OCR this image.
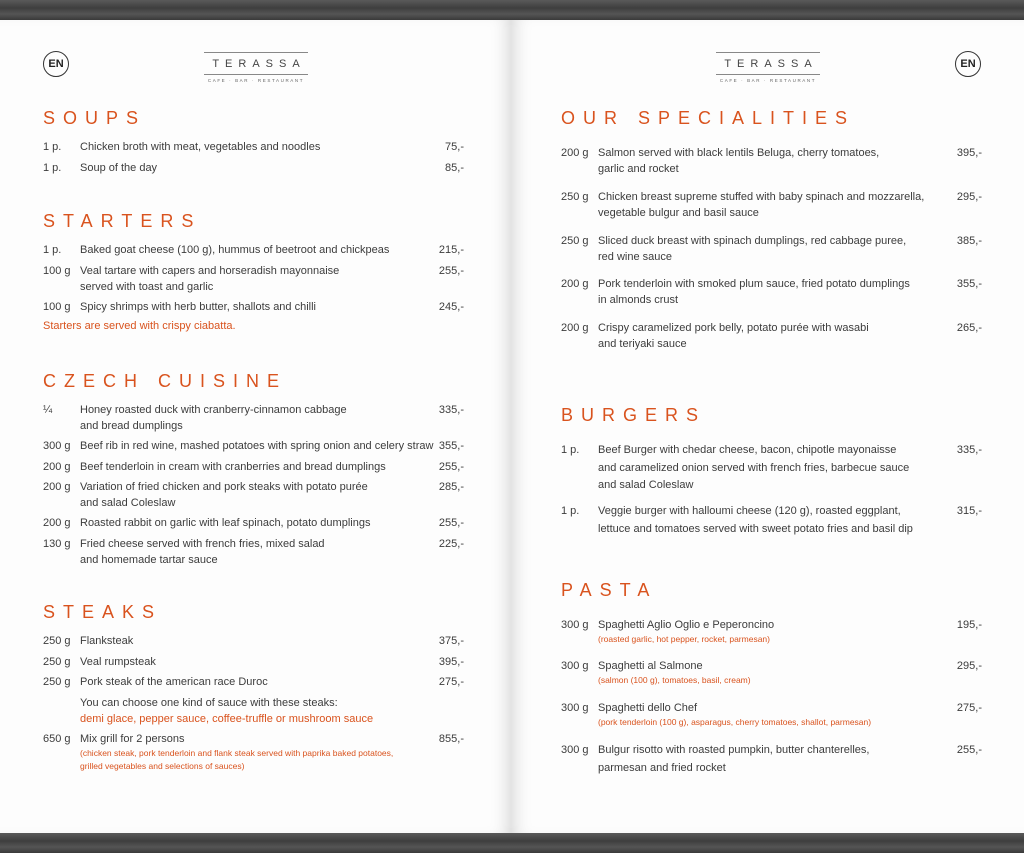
EN	TERASSA
CAFE · BAR · RESTAURANT
SOUPS
1 p. Chicken broth with meat, vegetables and noodles	75,-
1 p. Soup of the day	85,-
STARTERS
1 p. Baked goat cheese (100 g), hummus of beetroot and chickpeas	215,-
100 g Veal tartare with capers and horseradish mayonnaise
served with toast and garlic
255,-
100 g Spicy shrimps with herb butter, shallots and chilli	245,-
Starters are served with crispy ciabatta.
CZECH CUISINE
¼	Honey roasted duck with cranberry-cinnamon cabbage
and bread dumplings
335,-
300 g Beef rib in red wine, mashed potatoes with spring onion and celery straw 355,-
200 g Beef tenderloin in cream with cranberries and bread dumplings	255,-
200 g Variation of fried chicken and pork steaks with potato purée
and salad Coleslaw
285,-
200 g Roasted rabbit on garlic with leaf spinach, potato dumplings	255,-
130 g Fried cheese served with french fries, mixed salad
and homemade tartar sauce
225,-
STEAKS
250 g Flanksteak	375,-
250 g Veal rumpsteak	395,-
250 g Pork steak of the american race Duroc	275,-
You can choose one kind of sauce with these steaks:
demi glace, pepper sauce, coffee-truffle or mushroom sauce
650 g Mix grill for 2 persons
(chicken steak, pork tenderloin and flank steak served with paprika baked potatoes,
grilled vegetables and selections of sauces)
855,-
TERASSA
CAFE · BAR · RESTAURANT
EN
OUR SPECIALITIES
200 g Salmon served with black lentils Beluga, cherry tomatoes,
garlic and rocket
395,-
250 g Chicken breast supreme stuffed with baby spinach and mozzarella,
vegetable bulgur and basil sauce
295,-
250 g Sliced duck breast with spinach dumplings, red cabbage puree,
red wine sauce
385,-
200 g Pork tenderloin with smoked plum sauce, fried potato dumplings
in almonds crust
355,-
200 g Crispy caramelized pork belly, potato purée with wasabi
and teriyaki sauce
265,-
BURGERS
1 p. Beef Burger with chedar cheese, bacon, chipotle mayonaisse
and caramelized onion served with french fries, barbecue sauce
and salad Coleslaw
335,-
1 p. Veggie burger with halloumi cheese (120 g), roasted eggplant,
lettuce and tomatoes served with sweet potato fries and basil dip
315,-
PASTA
300 g Spaghetti Aglio Oglio e Peperoncino
(roasted garlic, hot pepper, rocket, parmesan)
195,-
300 g Spaghetti al Salmone
(salmon (100 g), tomatoes, basil, cream)
295,-
300 g Spaghetti dello Chef
(pork tenderloin (100 g), asparagus, cherry tomatoes, shallot, parmesan)
275,-
300 g Bulgur risotto with roasted pumpkin, butter chanterelles,
parmesan and fried rocket
255,-
